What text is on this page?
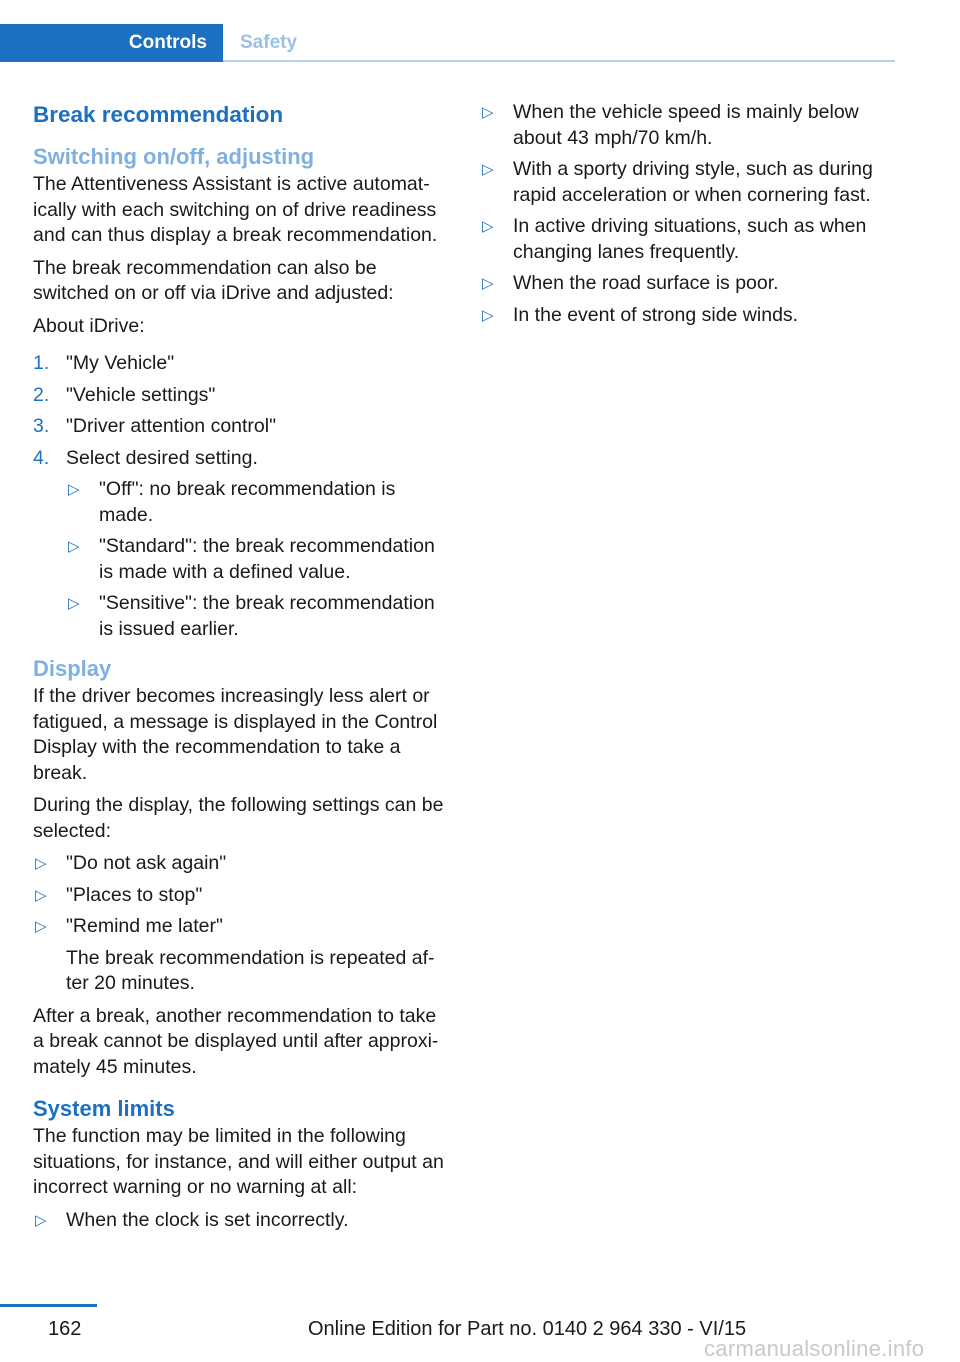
Controls Safety
Break recommendation
Switching on/off, adjusting

The Attentiveness Assistant is active automat‐ically with each switching on of drive readiness and can thus display a break recommendation.

The break recommendation can also be switched on or off via iDrive and adjusted:

About iDrive:

1. "My Vehicle"
2. "Vehicle settings"
3. "Driver attention control"
4. Select desired setting.
▷ "Off": no break recommendation is made.
▷ "Standard": the break recommendation is made with a defined value.
▷ "Sensitive": the break recommendation is issued earlier.
Display

If the driver becomes increasingly less alert or fatigued, a message is displayed in the Control Display with the recommendation to take a break.

During the display, the following settings can be selected:

▷ "Do not ask again"
▷ "Places to stop"
▷ "Remind me later"
The break recommendation is repeated af‐ter 20 minutes.

After a break, another recommendation to take a break cannot be displayed until after approxi‐mately 45 minutes.

System limits

The function may be limited in the following situations, for instance, and will either output an incorrect warning or no warning at all:

▷ When the clock is set incorrectly.
▷ When the vehicle speed is mainly below about 43 mph/70 km/h.
▷ With a sporty driving style, such as during rapid acceleration or when cornering fast.
▷ In active driving situations, such as when changing lanes frequently.
▷ When the road surface is poor.
▷ In the event of strong side winds.
162	Online Edition for Part no. 0140 2 964 330 - VI/15
carmanualsonline.info
